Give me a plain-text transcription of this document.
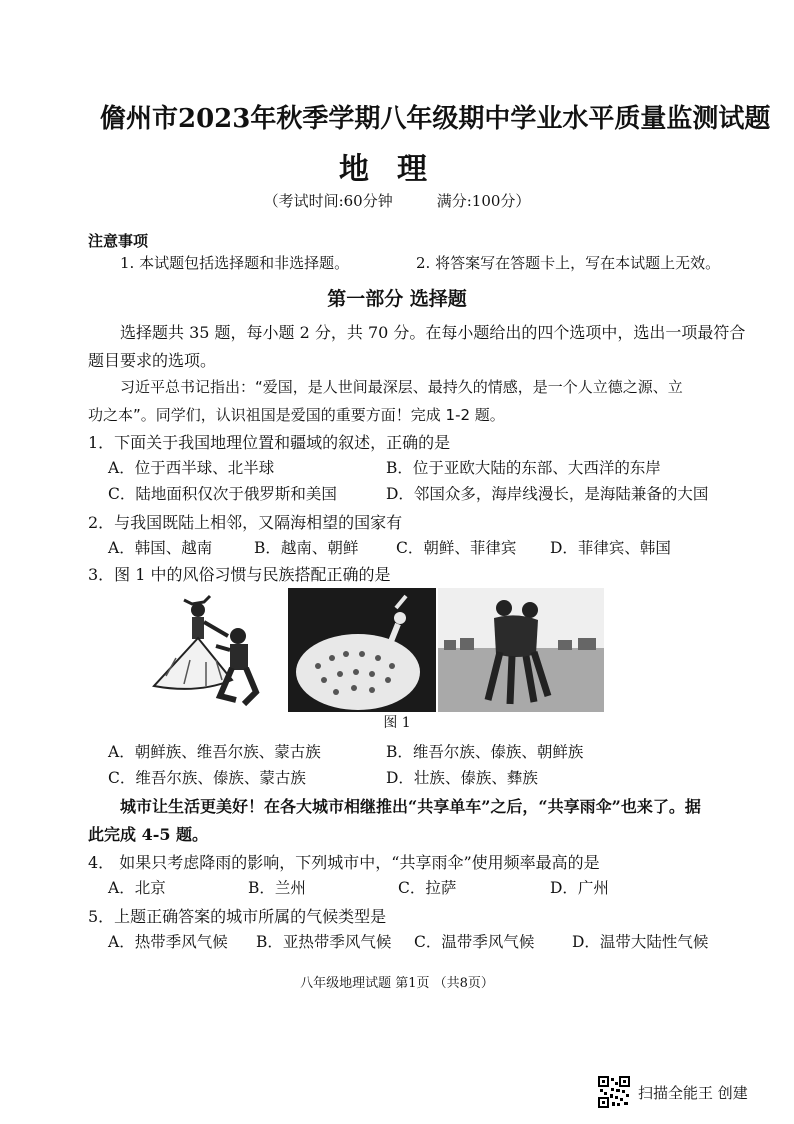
儋州市2023年秋季学期八年级期中学业水平质量监测试题
地理
（考试时间:60分钟	满分:100分）
注意事项
1. 本试题包括选择题和非选择题。	2. 将答案写在答题卡上，写在本试题上无效。
第一部分 选择题
选择题共 35 题，每小题 2 分，共 70 分。在每小题给出的四个选项中，选出一项最符合
题目要求的选项。
习近平总书记指出：“爱国，是人世间最深层、最持久的情感，是一个人立德之源、立
功之本”。同学们，认识祖国是爱国的重要方面！完成 1-2 题。
1．下面关于我国地理位置和疆域的叙述，正确的是
A．位于西半球、北半球	B．位于亚欧大陆的东部、大西洋的东岸
C．陆地面积仅次于俄罗斯和美国	D．邻国众多，海岸线漫长，是海陆兼备的大国
2．与我国既陆上相邻，又隔海相望的国家有
A．韩国、越南	B．越南、朝鲜 C．朝鲜、菲律宾 D．菲律宾、韩国
3．图 1 中的风俗习惯与民族搭配正确的是
图 1
A．朝鲜族、维吾尔族、蒙古族	B．维吾尔族、傣族、朝鲜族
C．维吾尔族、傣族、蒙古族	D．壮族、傣族、彝族
城市让生活更美好！在各大城市相继推出“共享单车”之后，“共享雨伞”也来了。据
此完成 4-5 题。
4． 如果只考虑降雨的影响，下列城市中，“共享雨伞”使用频率最高的是
A．北京	B．兰州	C．拉萨	D．广州
5．上题正确答案的城市所属的气候类型是
A．热带季风气候 B．亚热带季风气候 C．温带季风气候 D．温带大陆性气候
八年级地理试题 第1页 （共8页）
扫描全能王 创建
